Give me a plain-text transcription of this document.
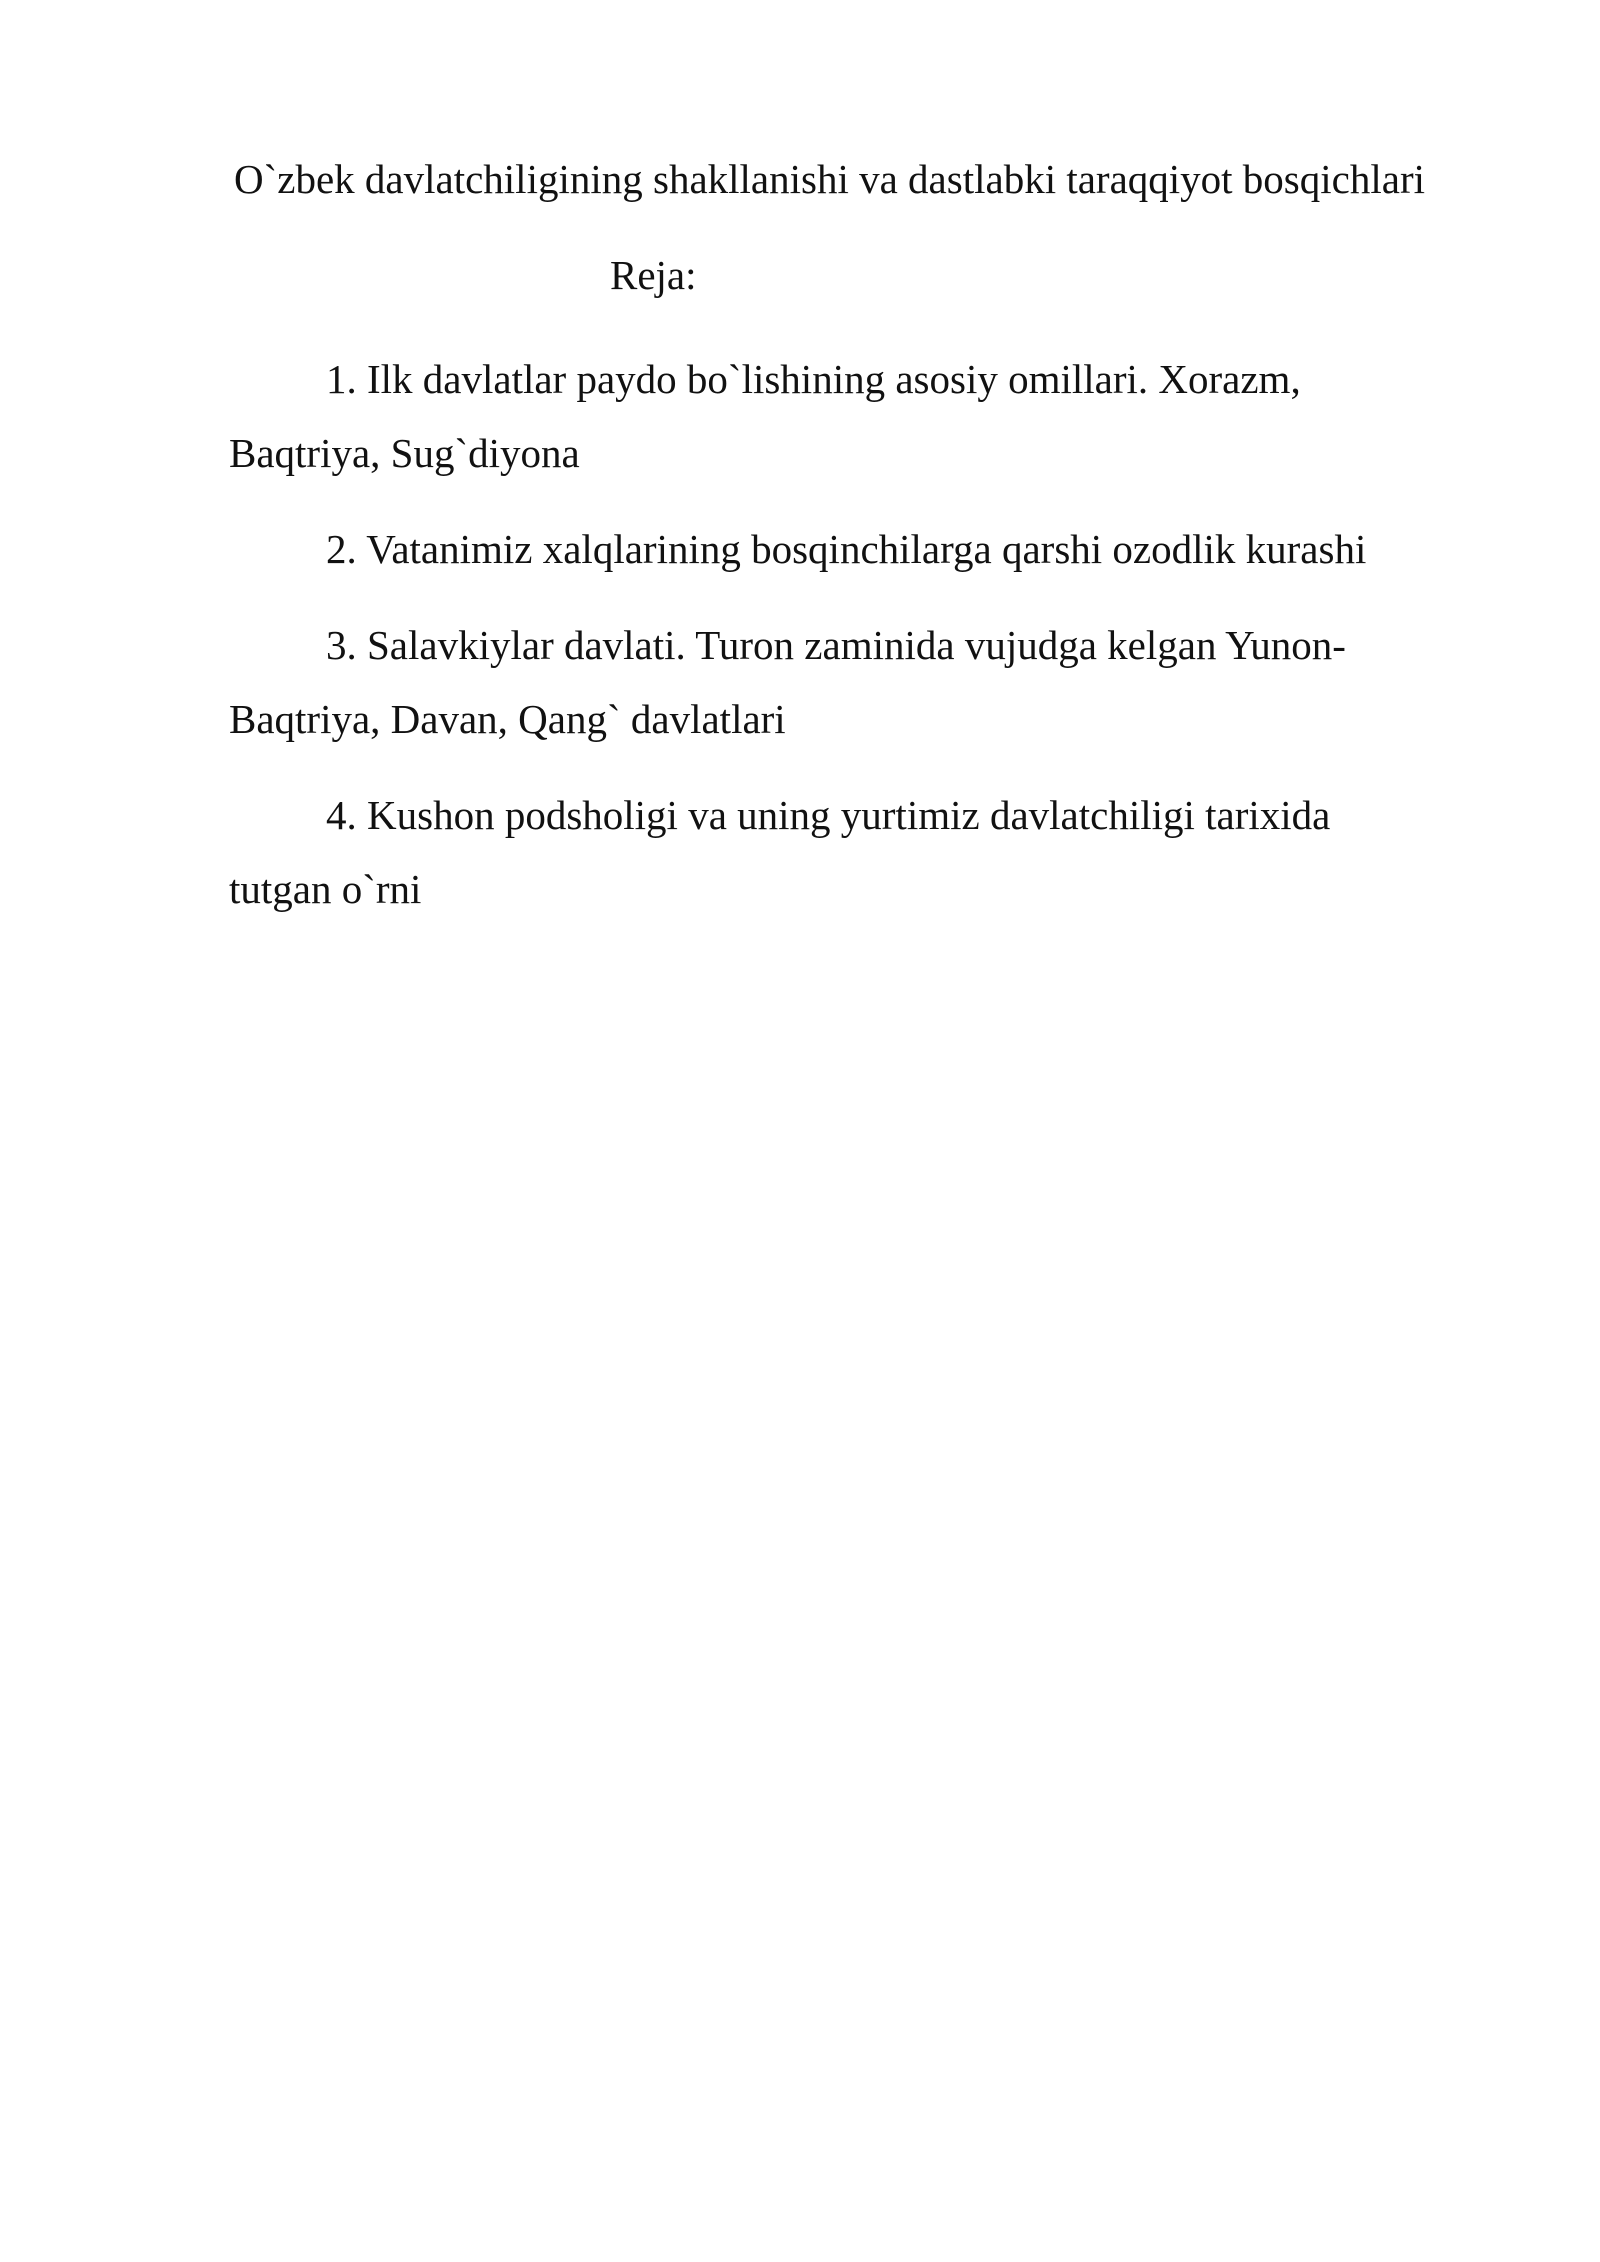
O`zbek davlatchiligining shakllanishi va dastlabki taraqqiyot bosqichlari
Reja:
1. Ilk davlatlar paydo bo`lishining asosiy omillari. Xorazm, Baqtriya, Sug`diyona
2. Vatanimiz xalqlarining bosqinchilarga qarshi ozodlik kurashi
3. Salavkiylar davlati. Turon zaminida vujudga kelgan Yunon-Baqtriya, Davan, Qang` davlatlari
4. Kushon podsholigi va uning yurtimiz davlatchiligi tarixida tutgan o`rni
